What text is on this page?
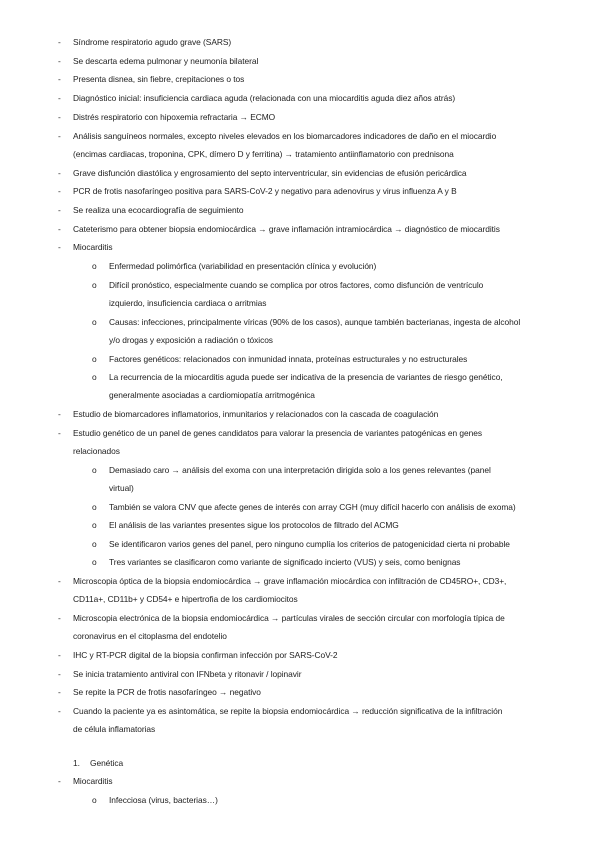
- Síndrome respiratorio agudo grave (SARS)
- Se descarta edema pulmonar y neumonía bilateral
- Presenta disnea, sin fiebre, crepitaciones o tos
- Diagnóstico inicial: insuficiencia cardiaca aguda (relacionada con una miocarditis aguda diez años atrás)
- Distrés respiratorio con hipoxemia refractaria → ECMO
- Análisis sanguíneos normales, excepto niveles elevados en los biomarcadores indicadores de daño en el miocardio
(encimas cardiacas, troponina, CPK, dímero D y ferritina) → tratamiento antiinflamatorio con prednisona
- Grave disfunción diastólica y engrosamiento del septo interventricular, sin evidencias de efusión pericárdica
- PCR de frotis nasofaríngeo positiva para SARS-CoV-2 y negativo para adenovirus y virus influenza A y B
- Se realiza una ecocardiografía de seguimiento
- Cateterismo para obtener biopsia endomiocárdica → grave inflamación intramiocárdica → diagnóstico de miocarditis
- Miocarditis
o Enfermedad polimórfica (variabilidad en presentación clínica y evolución)
o Difícil pronóstico, especialmente cuando se complica por otros factores, como disfunción de ventrículo
izquierdo, insuficiencia cardiaca o arritmias
o Causas: infecciones, principalmente víricas (90% de los casos), aunque también bacterianas, ingesta de alcohol
y/o drogas y exposición a radiación o tóxicos
o Factores genéticos: relacionados con inmunidad innata, proteínas estructurales y no estructurales
o La recurrencia de la miocarditis aguda puede ser indicativa de la presencia de variantes de riesgo genético,
generalmente asociadas a cardiomiopatía arritmogénica
- Estudio de biomarcadores inflamatorios, inmunitarios y relacionados con la cascada de coagulación
- Estudio genético de un panel de genes candidatos para valorar la presencia de variantes patogénicas en genes
relacionados
o Demasiado caro → análisis del exoma con una interpretación dirigida solo a los genes relevantes (panel
virtual)
o También se valora CNV que afecte genes de interés con array CGH (muy difícil hacerlo con análisis de exoma)
o El análisis de las variantes presentes sigue los protocolos de filtrado del ACMG
o Se identificaron varios genes del panel, pero ninguno cumplía los criterios de patogenicidad cierta ni probable
o Tres variantes se clasificaron como variante de significado incierto (VUS) y seis, como benignas
- Microscopia óptica de la biopsia endomiocárdica → grave inflamación miocárdica con infiltración de CD45RO+, CD3+,
CD11a+, CD11b+ y CD54+ e hipertrofia de los cardiomiocitos
- Microscopia electrónica de la biopsia endomiocárdica → partículas virales de sección circular con morfología típica de
coronavirus en el citoplasma del endotelio
- IHC y RT-PCR digital de la biopsia confirman infección por SARS-CoV-2
- Se inicia tratamiento antiviral con IFNbeta y ritonavir / lopinavir
- Se repite la PCR de frotis nasofaríngeo → negativo
- Cuando la paciente ya es asintomática, se repite la biopsia endomiocárdica → reducción significativa de la infiltración
de célula inflamatorias
1. Genética
- Miocarditis
o Infecciosa (virus, bacterias…)
